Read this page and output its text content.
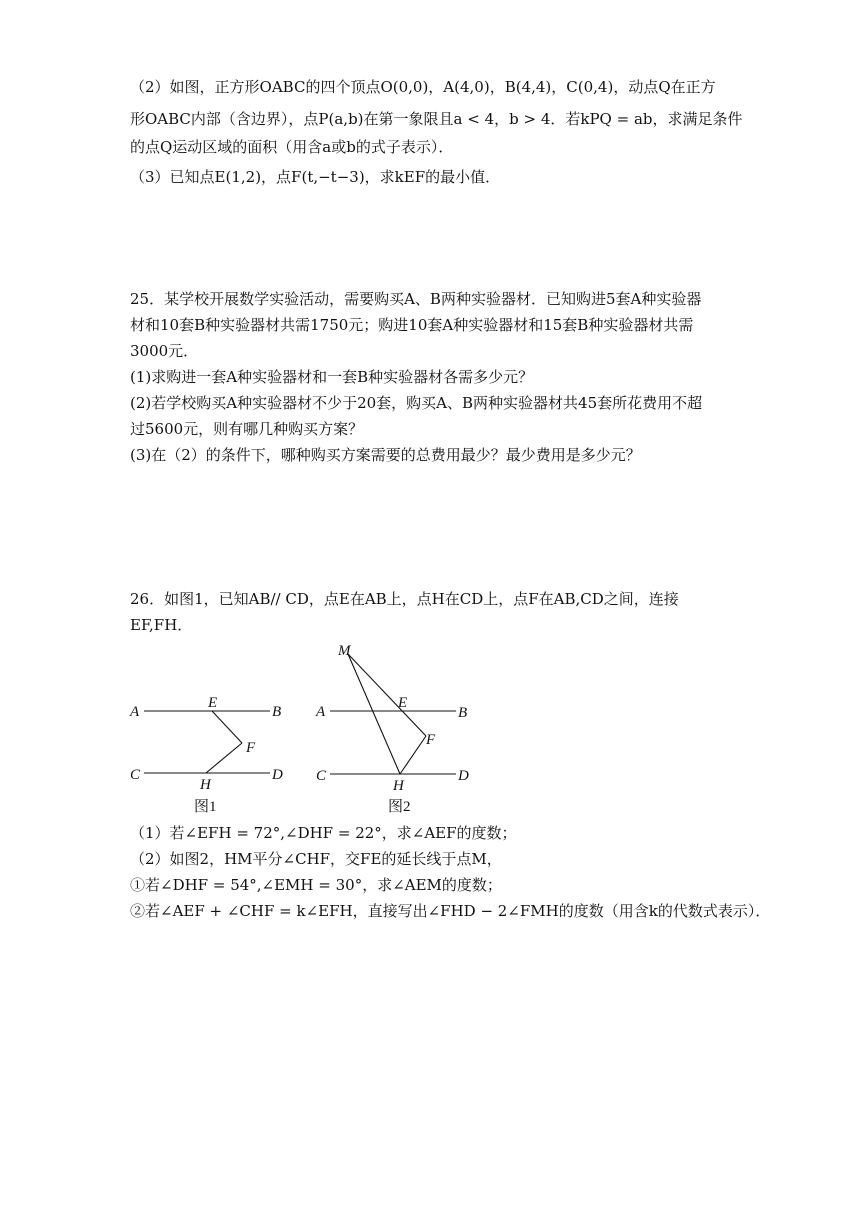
（2）如图，正方形OABC的四个顶点O(0,0)，A(4,0)，B(4,4)，C(0,4)，动点Q在正方
形OABC内部（含边界），点P(a,b)在第一象限且a < 4，b > 4．若kPQ = ab，求满足条件
的点Q运动区域的面积（用含a或b的式子表示）．
（3）已知点E(1,2)，点F(t,−t−3)，求kEF的最小值．
25．某学校开展数学实验活动，需要购买A、B两种实验器材．已知购进5套A种实验器
材和10套B种实验器材共需1750元；购进10套A种实验器材和15套B种实验器材共需
3000元．
(1)求购进一套A种实验器材和一套B种实验器材各需多少元？
(2)若学校购买A种实验器材不少于20套，购买A、B两种实验器材共45套所花费用不超
过5600元，则有哪几种购买方案？
(3)在（2）的条件下，哪种购买方案需要的总费用最少？最少费用是多少元？
26．如图1，已知AB// CD，点E在AB上，点H在CD上，点F在AB,CD之间，连接
EF,FH．
A	B
C	D
E
F
H
图1
M
A	B
C	D
E
F
H
图2
（1）若∠EFH = 72°,∠DHF = 22°，求∠AEF的度数；
（2）如图2，HM平分∠CHF，交FE的延长线于点M，
①若∠DHF = 54°,∠EMH = 30°，求∠AEM的度数；
②若∠AEF + ∠CHF = k∠EFH，直接写出∠FHD − 2∠FMH的度数（用含k的代数式表示）．
